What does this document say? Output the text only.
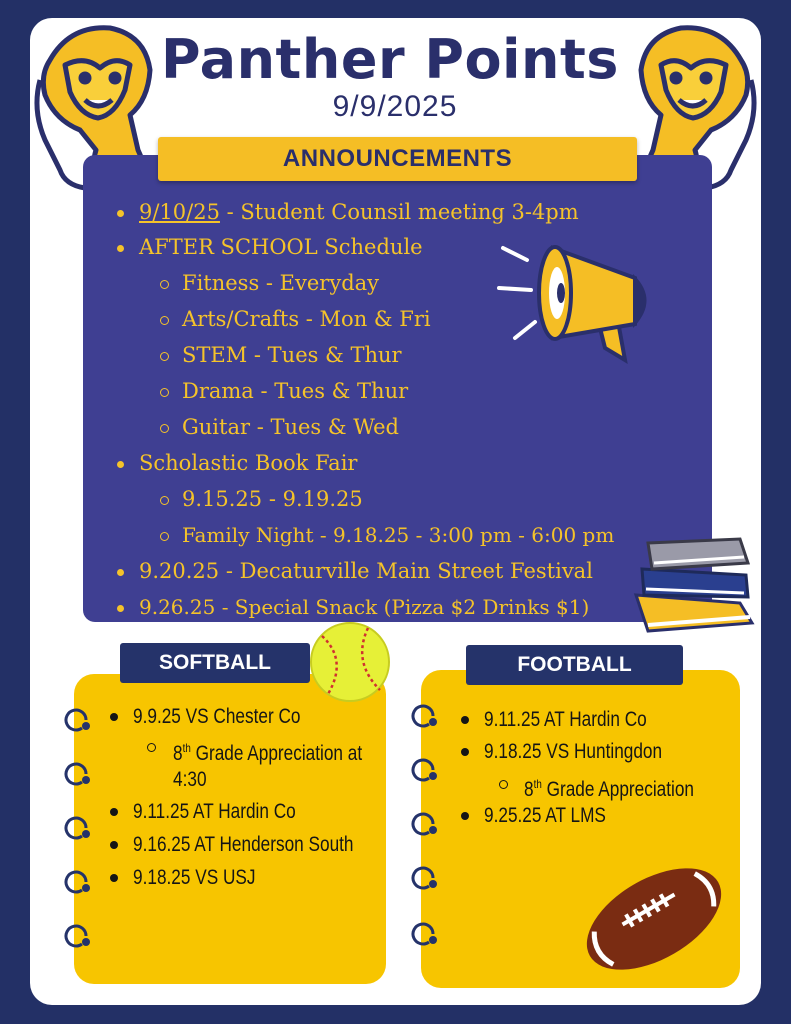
Panther Points
9/9/2025
ANNOUNCEMENTS
9/10/25 - Student Counsil meeting 3-4pm
AFTER SCHOOL Schedule
Fitness - Everyday
Arts/Crafts - Mon & Fri
STEM - Tues & Thur
Drama - Tues & Thur
Guitar - Tues & Wed
Scholastic Book Fair
9.15.25 - 9.19.25
Family Night - 9.18.25 - 3:00 pm - 6:00 pm
9.20.25 - Decaturville Main Street Festival
9.26.25 - Special Snack (Pizza $2 Drinks $1)
SOFTBALL
9.9.25 VS Chester Co
8th Grade Appreciation at
4:30
9.11.25 AT Hardin Co
9.16.25 AT Henderson South
9.18.25 VS USJ
FOOTBALL
9.11.25 AT Hardin Co
9.18.25 VS Huntingdon
8th Grade Appreciation
9.25.25 AT LMS
